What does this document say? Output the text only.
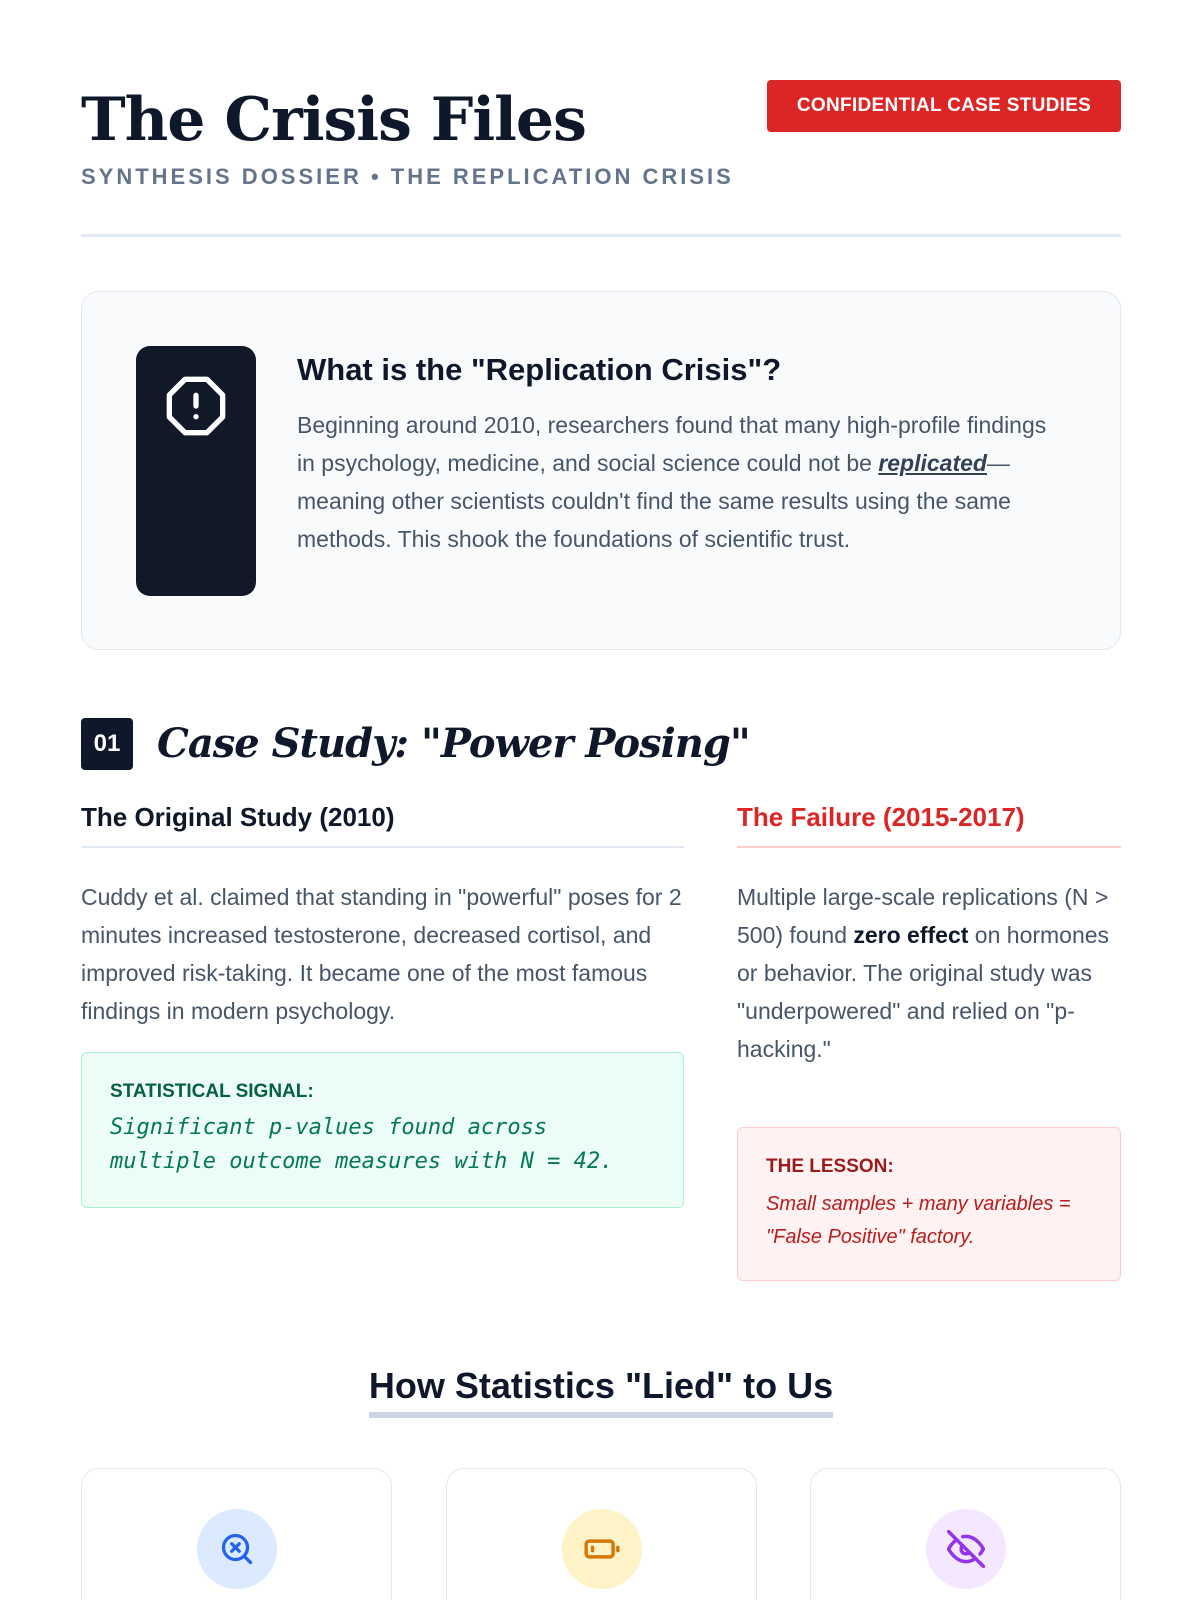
The Crisis Files
SYNTHESIS DOSSIER • THE REPLICATION CRISIS
CONFIDENTIAL CASE STUDIES
What is the "Replication Crisis"?

Beginning around 2010, researchers found that many high-profile findings in psychology, medicine, and social science could not be replicated—meaning other scientists couldn't find the same results using the same methods. This shook the foundations of scientific trust.

01 Case Study: "Power Posing"
The Original Study (2010)
Cuddy et al. claimed that standing in "powerful" poses for 2 minutes increased testosterone, decreased cortisol, and improved risk-taking. It became one of the most famous findings in modern psychology.
STATISTICAL SIGNAL:
Significant p-values found across multiple outcome measures with N = 42.
The Failure (2015-2017)
Multiple large-scale replications (N > 500) found zero effect on hormones or behavior. The original study was "underpowered" and relied on "p-hacking."
THE LESSON:
Small samples + many variables = "False Positive" factory.
How Statistics "Lied" to Us
